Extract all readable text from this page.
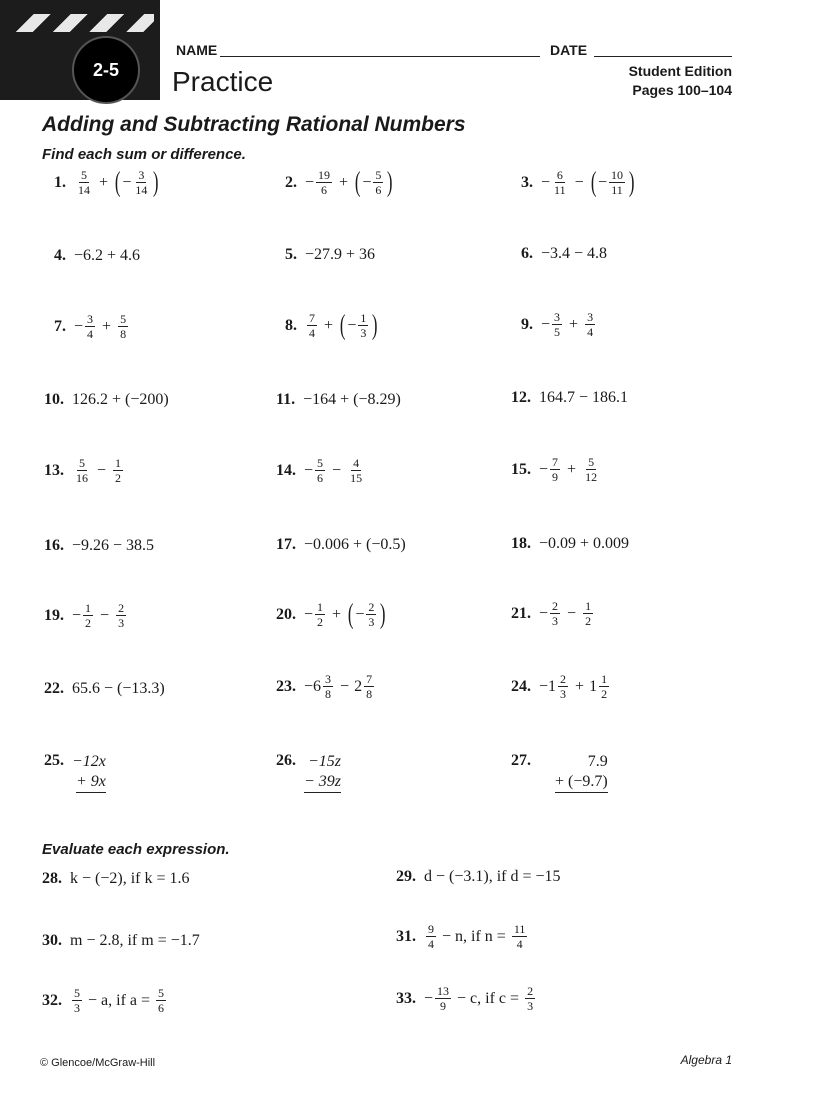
2-5
NAME	DATE
Practice	Student Edition
Pages 100–104
Adding and Subtracting Rational Numbers
Find each sum or difference.
1. $\frac{5}{14}$ + ( − $\frac{3}{14}$ )	2. − $\frac{19}{6}$ + ( − $\frac{5}{6}$ )	3. − $\frac{6}{11}$ − ( − $\frac{10}{11}$ )
4. −6.2 + 4.6	5. −27.9 + 36	6. −3.4 − 4.8
7. − $\frac{3}{4} + \frac{5}{8}$	8. $\frac{7}{4}$ + ( − $\frac{1}{3}$ )	9. − $\frac{3}{5} + \frac{3}{4}$
10. 126.2 + (−200)	11. −164 + (−8.29)	12. 164.7 − 186.1
13. $\frac{5}{16} - \frac{1}{2}$	14. − $\frac{5}{6} - \frac{4}{15}$	15. − $\frac{7}{9} + \frac{5}{12}$
16. −9.26 − 38.5	17. −0.006 + (−0.5)	18. −0.09 + 0.009
19. − $\frac{1}{2} - \frac{2}{3}$	20. − $\frac{1}{2}$ + ( − $\frac{2}{3}$ )	21. − $\frac{2}{3} - \frac{1}{2}$
22. 65.6 − (−13.3)	23. − $6 \frac{3}{8} - 2 \frac{7}{8}$	24. − $1 \frac{2}{3} + 1 \frac{1}{2}$
25. −12x
+ 9x
26. −15z
− 39z
27.	7.9
+ (−9.7)
Evaluate each expression.
28. k − (−2), if k = 1.6	29. d − (−3.1), if d = −15
30. m − 2.8, if m = −1.7	31. $\frac{9}{4} - n$, if $n = \frac{11}{4}$
32. $\frac{5}{3} - a$, if $a = \frac{5}{6}$	33. − $\frac{13}{9} - c$, if $c = \frac{2}{3}$
© Glencoe/McGraw-Hill	Algebra 1
